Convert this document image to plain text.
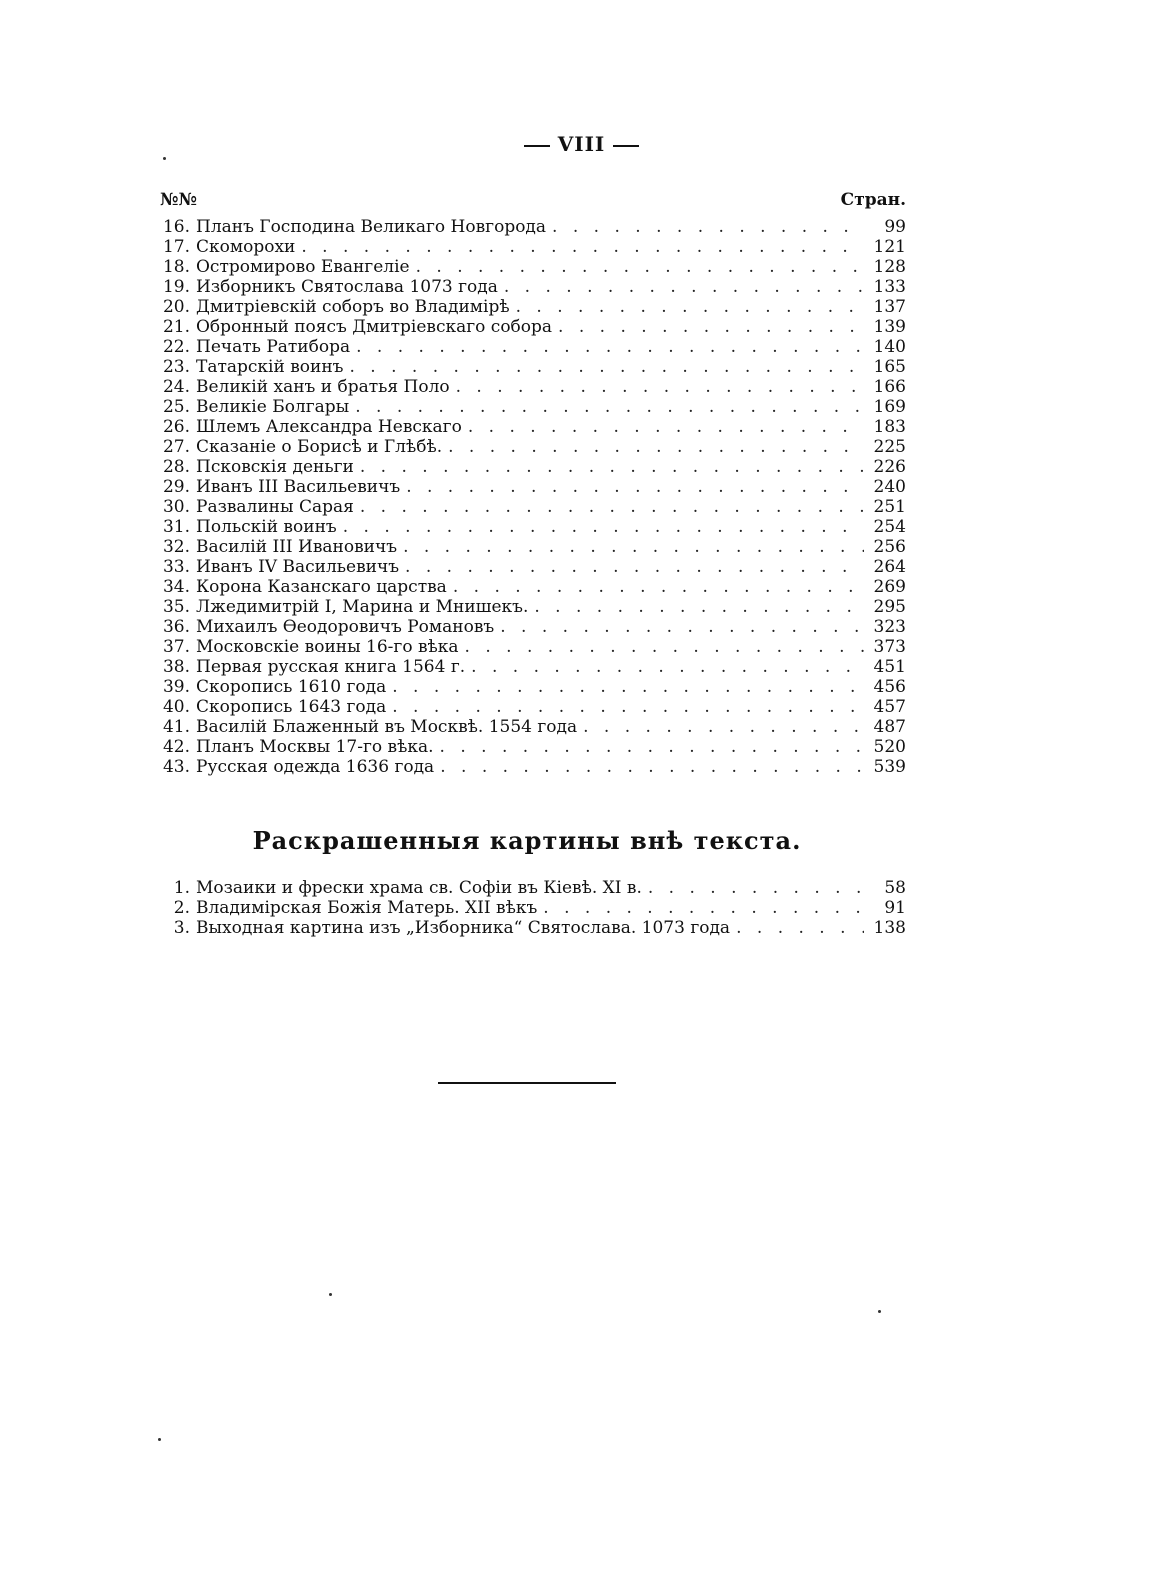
VIII
№№	Стран.
16. Планъ Господина Великаго Новгорода . . .	99
17. Скоморохи . . .	121
18. Остромирово Евангеліе . . .	128
19. Изборникъ Святослава 1073 года . . .	133
20. Дмитріевскій соборъ во Владимірѣ . . .	137
21. Обронный поясъ Дмитріевскаго собора . . .	139
22. Печать Ратибора . . .	140
23. Татарскій воинъ . . .	165
24. Великій ханъ и братья Поло . . .	166
25. Великіе Болгары . . .	169
26. Шлемъ Александра Невскаго . . .	183
27. Сказаніе о Борисѣ и Глѣбѣ. . . .	225
28. Псковскія деньги . . .	226
29. Иванъ III Васильевичъ . . .	240
30. Развалины Сарая . . .	251
31. Польскій воинъ . . .	254
32. Василій III Ивановичъ . . .	256
33. Иванъ IV Васильевичъ . . .	264
34. Корона Казанскаго царства . . .	269
35. Лжедимитрій I, Марина и Мнишекъ. . . .	295
36. Михаилъ Ѳеодоровичъ Романовъ . . .	323
37. Московскіе воины 16-го вѣка . . .	373
38. Первая русская книга 1564 г. . . .	451
39. Скоропись 1610 года . . .	456
40. Скоропись 1643 года . . .	457
41. Василій Блаженный въ Москвѣ. 1554 года . . .	487
42. Планъ Москвы 17-го вѣка. . . .	520
43. Русская одежда 1636 года . . .	539
Раскрашенныя картины внѣ текста.
1. Мозаики и фрески храма св. Софіи въ Кіевѣ. XI в. . . .	58
2. Владимірская Божія Матерь. XII вѣкъ . . .	91
3. Выходная картина изъ „Изборника“ Святослава. 1073 года . . .	138
